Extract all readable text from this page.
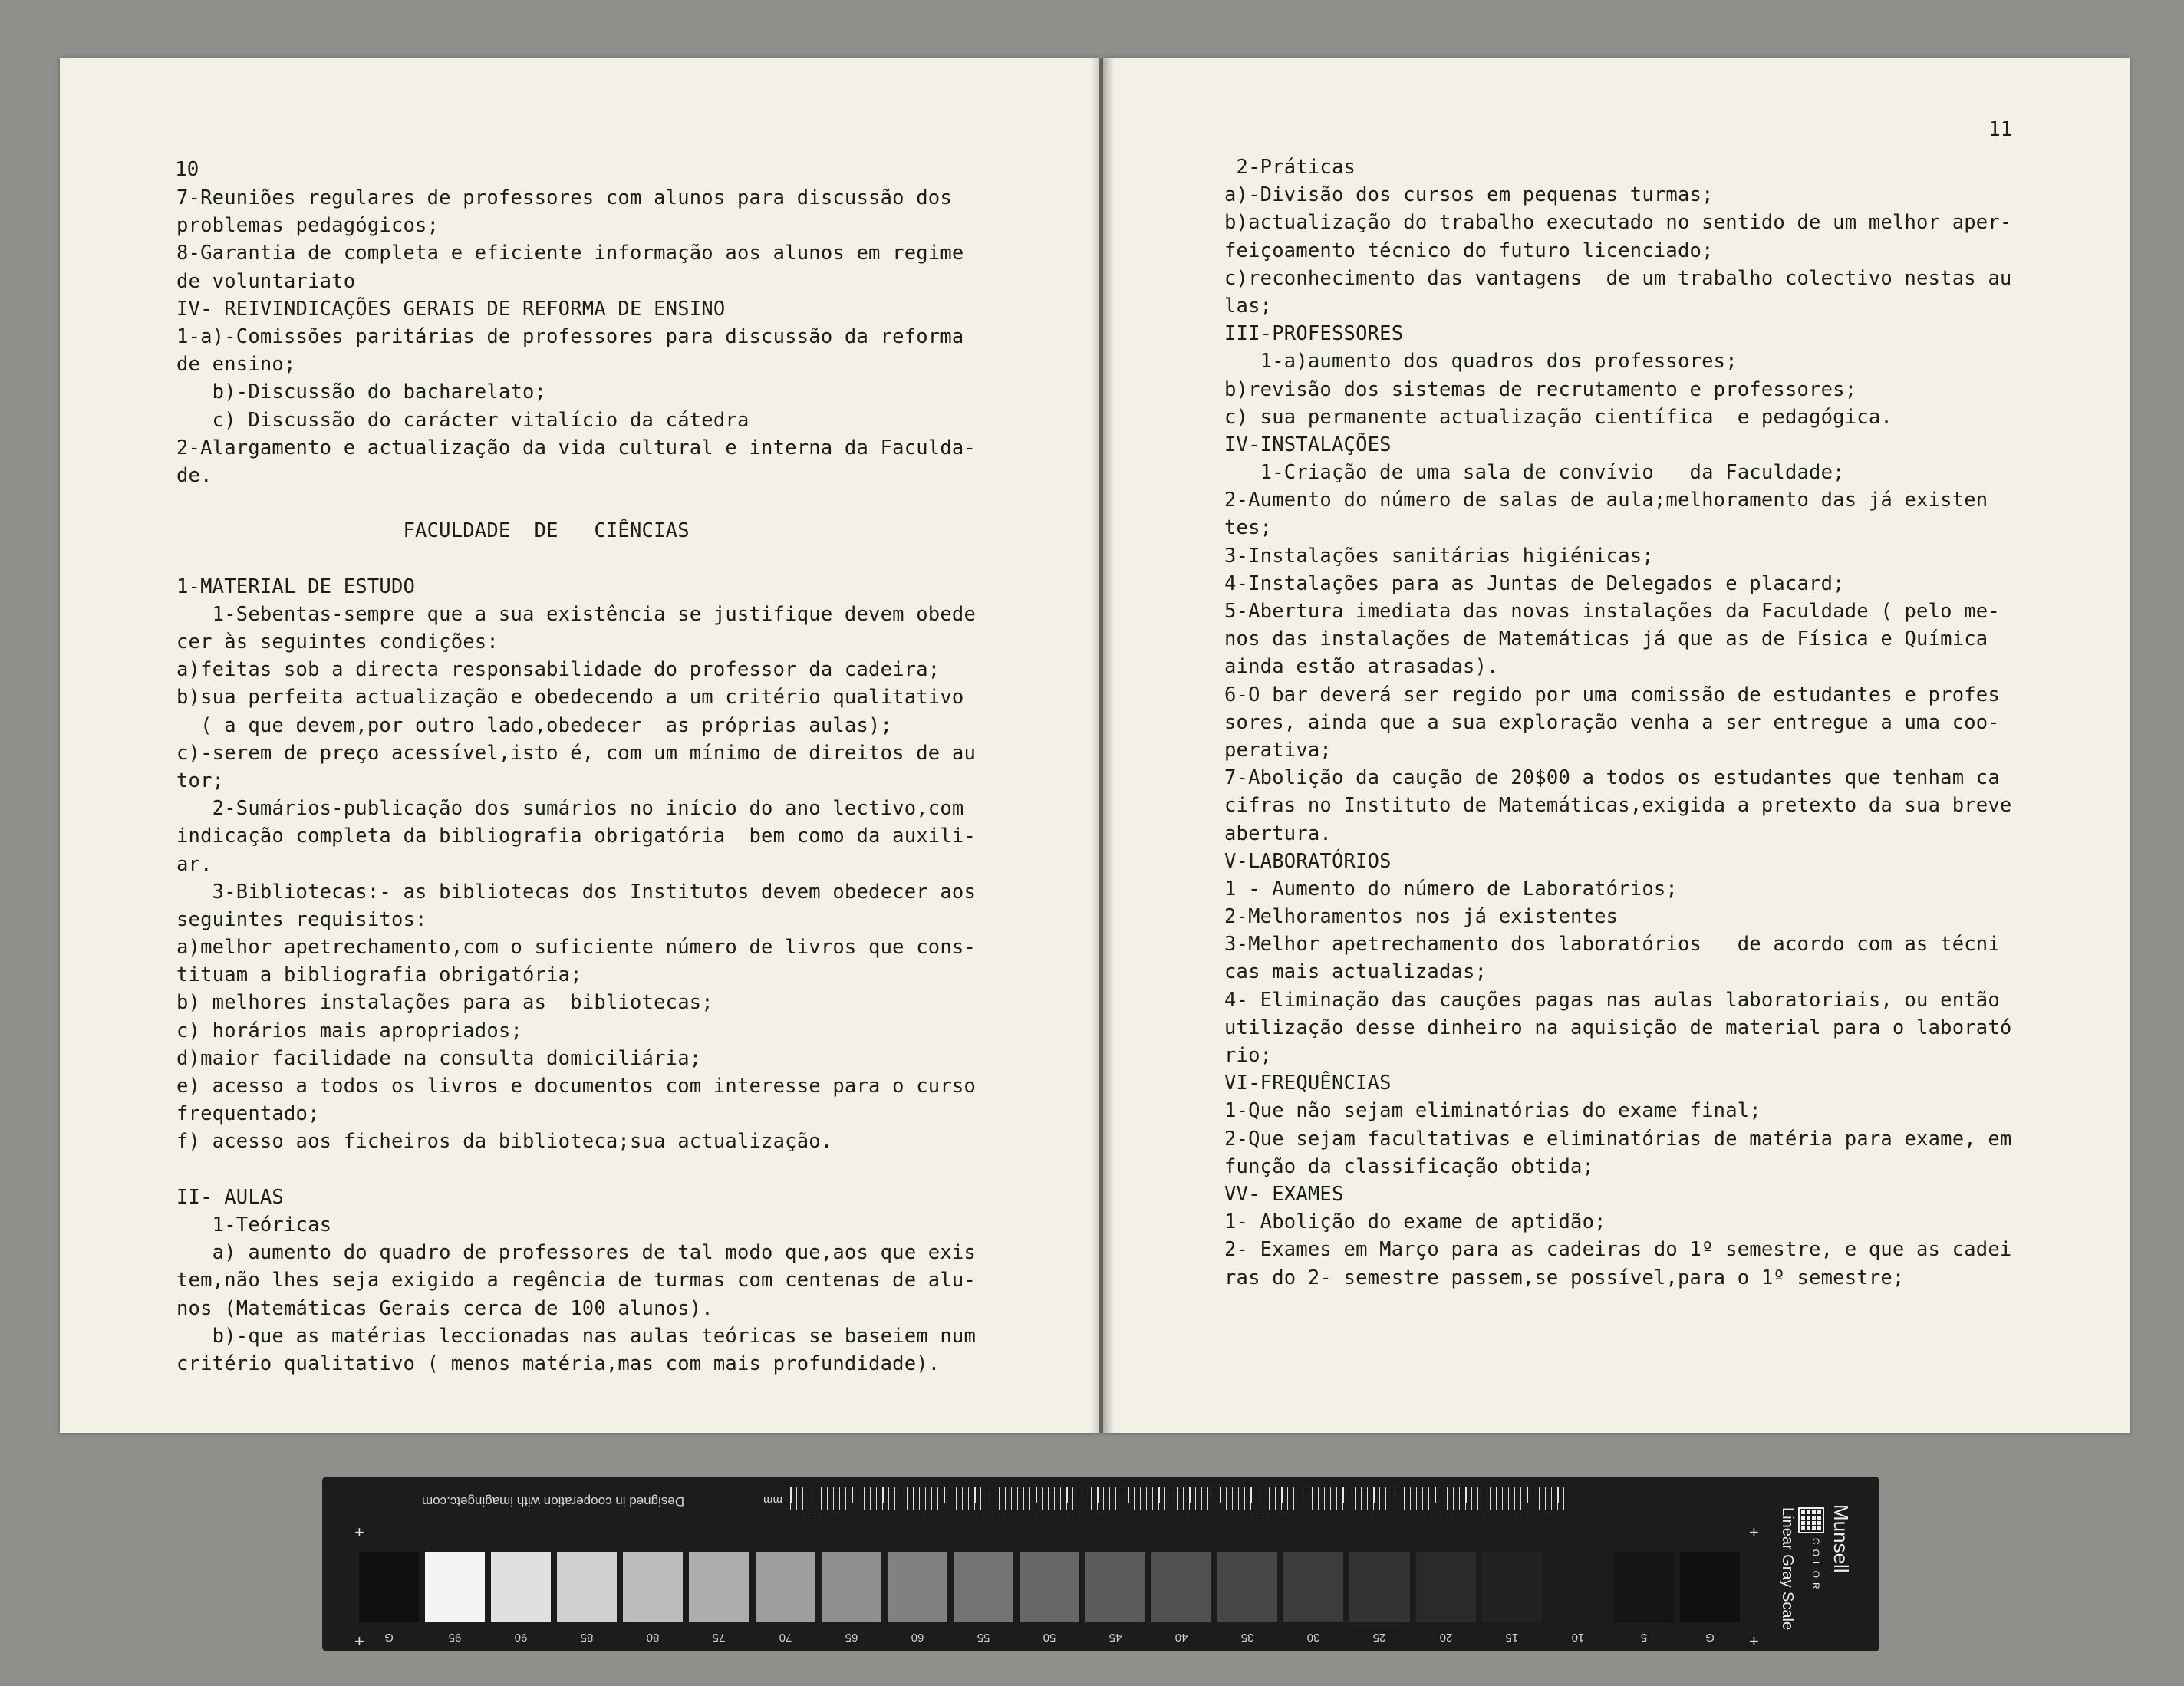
10
11
7-Reuniões regulares de professores com alunos para discussão dos
problemas pedagógicos;
8-Garantia de completa e eficiente informação aos alunos em regime
de voluntariato
IV- REIVINDICAÇÕES GERAIS DE REFORMA DE ENSINO
1-a)-Comissões paritárias de professores para discussão da reforma
de ensino;
b)-Discussão do bacharelato;
c) Discussão do carácter vitalício da cátedra
2-Alargamento e actualização da vida cultural e interna da Faculda-
de.
FACULDADE  DE   CIÊNCIAS
1-MATERIAL DE ESTUDO
1-Sebentas-sempre que a sua existência se justifique devem obede
cer às seguintes condições:
a)feitas sob a directa responsabilidade do professor da cadeira;
b)sua perfeita actualização e obedecendo a um critério qualitativo
( a que devem,por outro lado,obedecer  as próprias aulas);
c)-serem de preço acessível,isto é, com um mínimo de direitos de au
tor;
2-Sumários-publicação dos sumários no início do ano lectivo,com
indicação completa da bibliografia obrigatória  bem como da auxili-
ar.
3-Bibliotecas:- as bibliotecas dos Institutos devem obedecer aos
seguintes requisitos:
a)melhor apetrechamento,com o suficiente número de livros que cons-
tituam a bibliografia obrigatória;
b) melhores instalações para as  bibliotecas;
c) horários mais apropriados;
d)maior facilidade na consulta domiciliária;
e) acesso a todos os livros e documentos com interesse para o curso
frequentado;
f) acesso aos ficheiros da biblioteca;sua actualização.
II- AULAS
1-Teóricas
a) aumento do quadro de professores de tal modo que,aos que exis
tem,não lhes seja exigido a regência de turmas com centenas de alu-
nos (Matemáticas Gerais cerca de 100 alunos).
b)-que as matérias leccionadas nas aulas teóricas se baseiem num
critério qualitativo ( menos matéria,mas com mais profundidade).
2-Práticas
a)-Divisão dos cursos em pequenas turmas;
b)actualização do trabalho executado no sentido de um melhor aper-
feiçoamento técnico do futuro licenciado;
c)reconhecimento das vantagens  de um trabalho colectivo nestas au
las;
III-PROFESSORES
1-a)aumento dos quadros dos professores;
b)revisão dos sistemas de recrutamento e professores;
c) sua permanente actualização científica  e pedagógica.
IV-INSTALAÇÕES
1-Criação de uma sala de convívio   da Faculdade;
2-Aumento do número de salas de aula;melhoramento das já existen
tes;
3-Instalações sanitárias higiénicas;
4-Instalações para as Juntas de Delegados e placard;
5-Abertura imediata das novas instalações da Faculdade ( pelo me-
nos das instalações de Matemáticas já que as de Física e Química
ainda estão atrasadas).
6-O bar deverá ser regido por uma comissão de estudantes e profes
sores, ainda que a sua exploração venha a ser entregue a uma coo-
perativa;
7-Abolição da caução de 20$00 a todos os estudantes que tenham ca
cifras no Instituto de Matemáticas,exigida a pretexto da sua breve
abertura.
V-LABORATÓRIOS
1 - Aumento do número de Laboratórios;
2-Melhoramentos nos já existentes
3-Melhor apetrechamento dos laboratórios   de acordo com as técni
cas mais actualizadas;
4- Eliminação das cauções pagas nas aulas laboratoriais, ou então
utilização desse dinheiro na aquisição de material para o laborató
rio;
VI-FREQUÊNCIAS
1-Que não sejam eliminatórias do exame final;
2-Que sejam facultativas e eliminatórias de matéria para exame, em
função da classificação obtida;
VV- EXAMES
1- Abolição do exame de aptidão;
2- Exames em Março para as cadeiras do 1º semestre, e que as cadei
ras do 2- semestre passem,se possível,para o 1º semestre;
Designed in cooperation with imagingetc.com	mm
+
+
+
+
G	95	90	85	80	75	70	65	60	55	50	45	40	35	30	25	20	15	10	5	G
Munsell
COLOR
Linear Gray Scale
